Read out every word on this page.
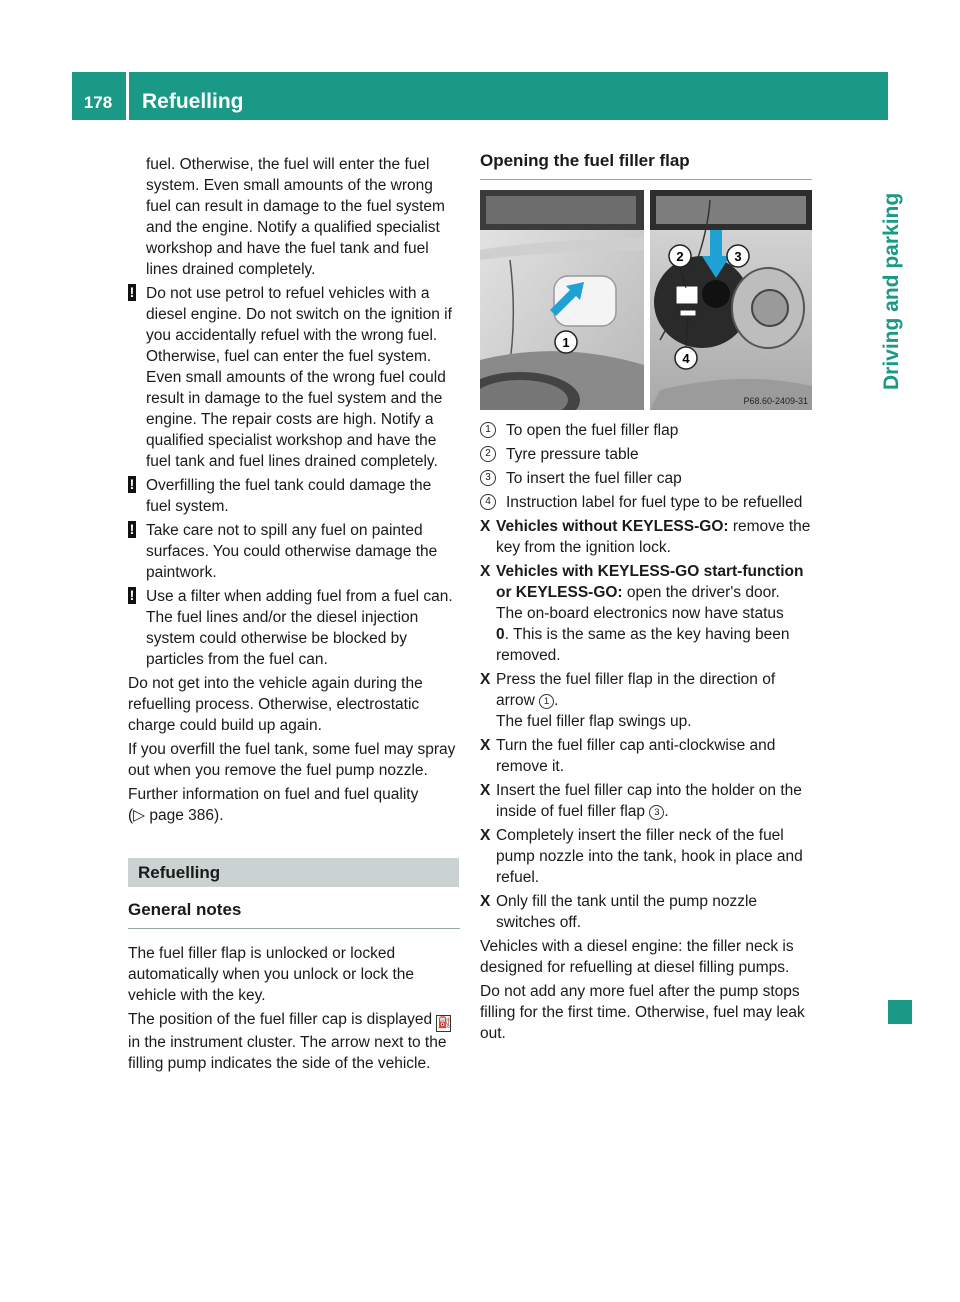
178	Refuelling
Driving and parking

fuel. Otherwise, the fuel will enter the fuel system. Even small amounts of the wrong fuel can result in damage to the fuel system and the engine. Notify a qualified specialist workshop and have the fuel tank and fuel lines drained completely.

! Do not use petrol to refuel vehicles with a diesel engine. Do not switch on the ignition if you accidentally refuel with the wrong fuel. Otherwise, fuel can enter the fuel system. Even small amounts of the wrong fuel could result in damage to the fuel system and the engine. The repair costs are high. Notify a qualified specialist workshop and have the fuel tank and fuel lines drained completely.
! Overfilling the fuel tank could damage the fuel system.
! Take care not to spill any fuel on painted surfaces. You could otherwise damage the paintwork.
! Use a filter when adding fuel from a fuel can. The fuel lines and/or the diesel injection system could otherwise be blocked by particles from the fuel can.

Do not get into the vehicle again during the refuelling process. Otherwise, electrostatic charge could build up again.

If you overfill the fuel tank, some fuel may spray out when you remove the fuel pump nozzle.

Further information on fuel and fuel quality
(▷ page 386).

Refuelling
General notes

The fuel filler flap is unlocked or locked automatically when you unlock or lock the vehicle with the key.

The position of the fuel filler cap is displayed ⛽ in the instrument cluster. The arrow next to the filling pump indicates the side of the vehicle.

Opening the fuel filler flap
1
2	3
4
P68.60-2409-31
1 To open the fuel filler flap
2 Tyre pressure table
3 To insert the fuel filler cap
4 Instruction label for fuel type to be refuelled
X Vehicles without KEYLESS-GO: remove the key from the ignition lock.
X Vehicles with KEYLESS-GO start-function or KEYLESS-GO: open the driver's door.
The on-board electronics now have status
0. This is the same as the key having been removed.
X Press the fuel filler flap in the direction of arrow 1 .
The fuel filler flap swings up.
X Turn the fuel filler cap anti-clockwise and remove it.
X Insert the fuel filler cap into the holder on the inside of fuel filler flap 3 .
X Completely insert the filler neck of the fuel pump nozzle into the tank, hook in place and refuel.
X Only fill the tank until the pump nozzle switches off.

Vehicles with a diesel engine: the filler neck is designed for refuelling at diesel filling pumps.

Do not add any more fuel after the pump stops filling for the first time. Otherwise, fuel may leak out.
